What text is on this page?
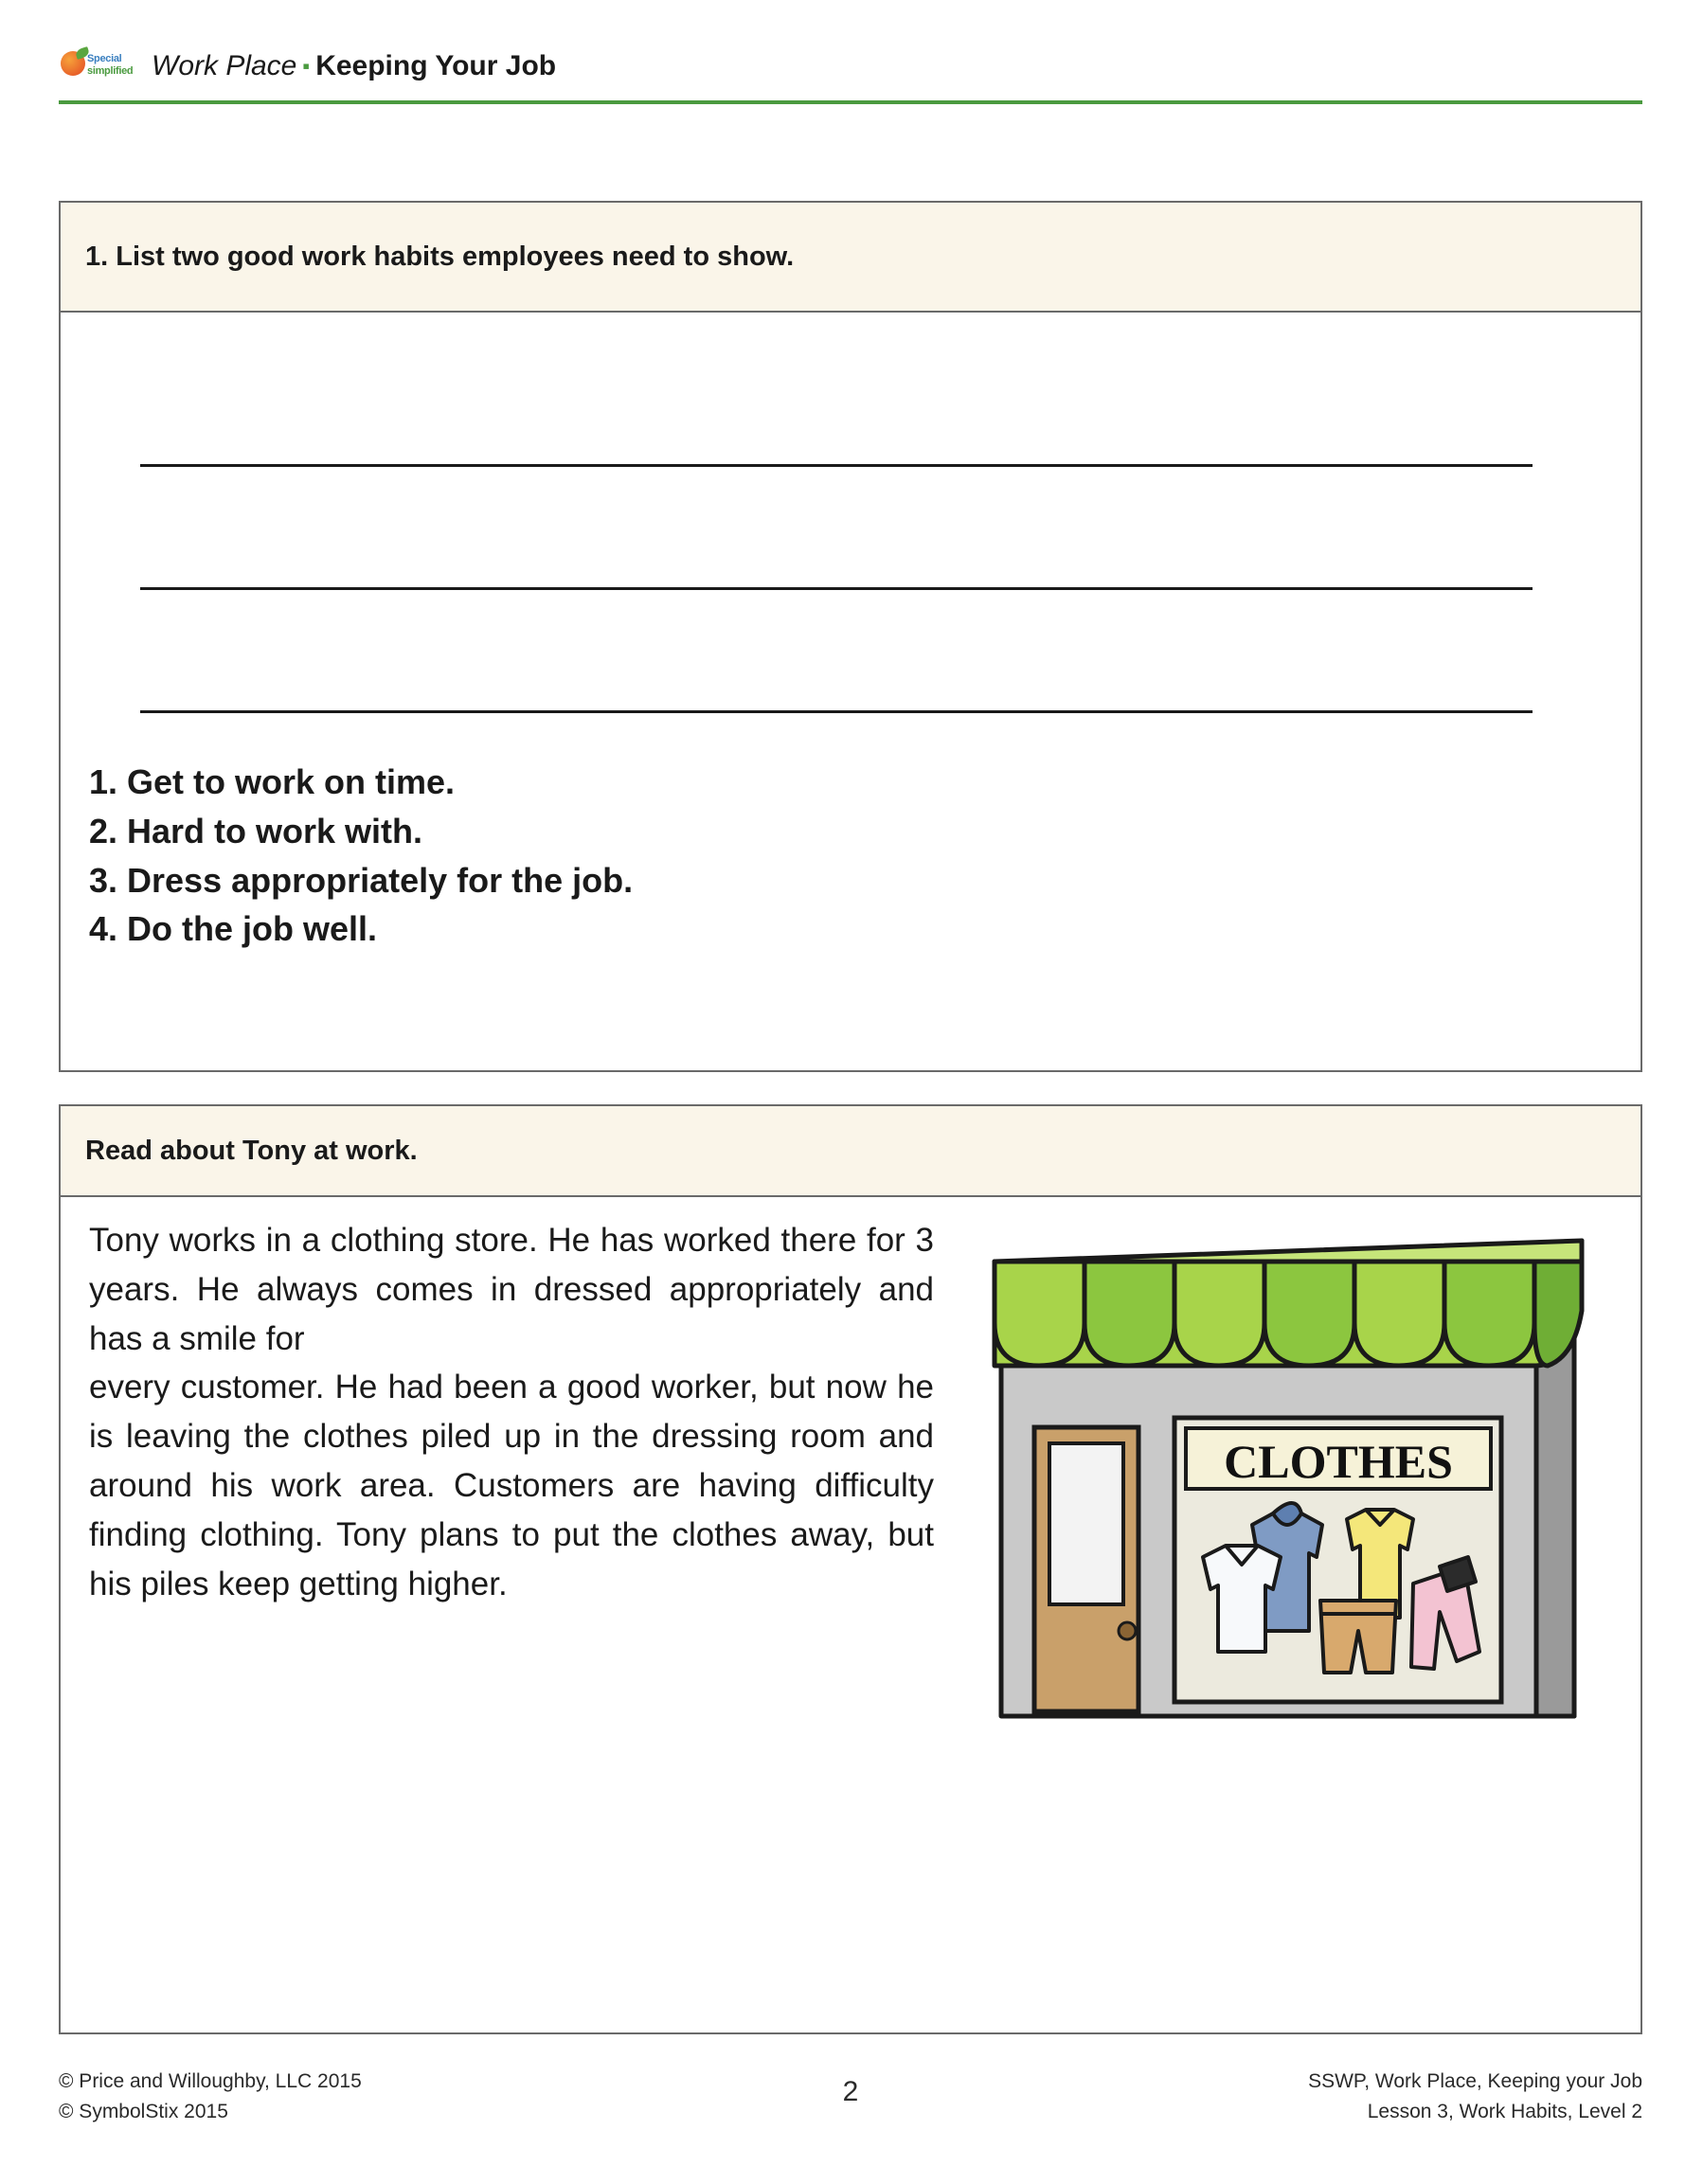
Special
simplified Work Place ▪ Keeping Your Job
1. List two good work habits employees need to show.
1. Get to work on time.
2. Hard to work with.
3. Dress appropriately for the job.
4. Do the job well.
Read about Tony at work.
CLOTHES

Tony works in a clothing store. He has worked there for 3 years. He always comes in dressed appropriately and has a smile for

every customer. He had been a good worker, but now he is leaving the clothes piled up in the dressing room and around his work area. Customers are having difficulty finding clothing. Tony plans to put the clothes away, but his piles keep getting higher.

© Price and Willoughby, LLC 2015
© SymbolStix 2015
2	SSWP, Work Place, Keeping your Job
Lesson 3, Work Habits, Level 2
